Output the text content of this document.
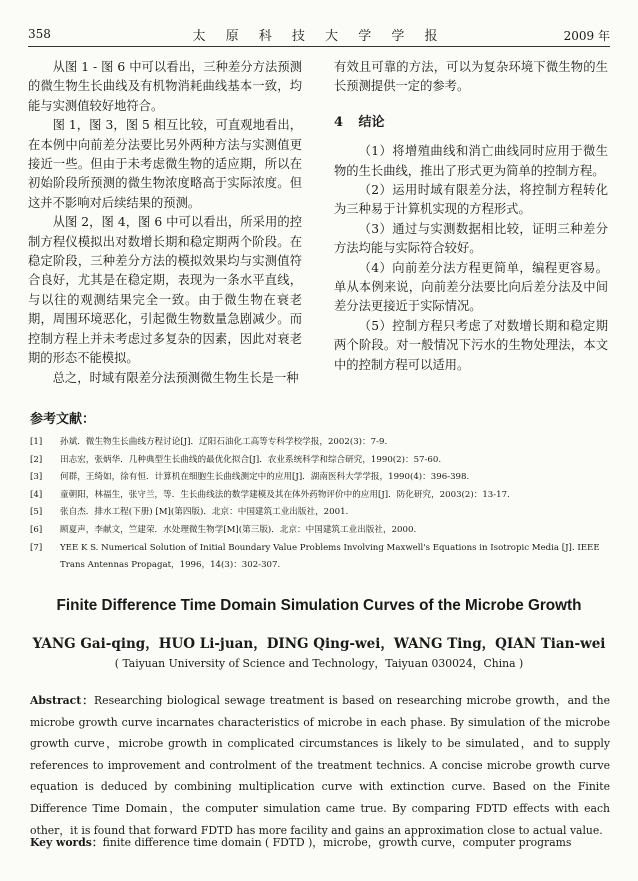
358	太 原 科 技 大 学 学 报	2009 年

从图 1 - 图 6 中可以看出，三种差分方法预测的微生物生长曲线及有机物消耗曲线基本一致，均能与实测值较好地符合。

图 1，图 3，图 5 相互比较，可直观地看出，在本例中向前差分法要比另外两种方法与实测值更接近一些。但由于未考虑微生物的适应期，所以在初始阶段所预测的微生物浓度略高于实际浓度。但这并不影响对后续结果的预测。

从图 2，图 4，图 6 中可以看出，所采用的控制方程仪模拟出对数增长期和稳定期两个阶段。在稳定阶段，三种差分方法的模拟效果均与实测值符合良好，尤其是在稳定期，表现为一条水平直线，与以往的观测结果完全一致。由于微生物在衰老期，周围环境恶化，引起微生物数量急剧减少。而控制方程上并未考虑过多复杂的因素，因此对衰老期的形态不能模拟。

总之，时域有限差分法预测微生物生长是一种

有效且可靠的方法，可以为复杂环境下微生物的生长预测提供一定的参考。

4 结论

（1）将增殖曲线和消亡曲线同时应用于微生物的生长曲线，推出了形式更为简单的控制方程。

（2）运用时域有限差分法，将控制方程转化为三种易于计算机实现的方程形式。

（3）通过与实测数据相比较，证明三种差分方法均能与实际符合较好。

（4）向前差分法方程更简单，编程更容易。单从本例来说，向前差分法要比向后差分法及中间差分法更接近于实际情况。

（5）控制方程只考虑了对数增长期和稳定期两个阶段。对一般情况下污水的生物处理法，本文中的控制方程可以适用。

参考文献：
[1] 孙斌．微生物生长曲线方程讨论[J]．辽阳石油化工高等专科学校学报，2002(3)：7-9.
[2] 田志宏，张炳华．几种典型生长曲线的最优化拟合[J]．农业系统科学和综合研究，1990(2)：57-60.
[3] 何群，王绮如，徐有恒．计算机在细胞生长曲线测定中的应用[J]．湖南医科大学学报，1990(4)：396-398.
[4] 童朝阳，林福生，张守兰，等．生长曲线法的数学建模及其在体外药物评价中的应用[J]．防化研究，2003(2)：13-17.
[5] 张自杰．排水工程(下册) [M](第四版)．北京：中国建筑工业出版社，2001.
[6] 顾夏声，李献文，竺建荣．水处理微生物学[M](第三版)．北京：中国建筑工业出版社，2000.
[7] YEE K S. Numerical Solution of Initial Boundary Value Problems Involving Maxwell's Equations in Isotropic Media [J]. IEEE Trans Antennas Propagat，1996，14(3)：302-307.
Finite Difference Time Domain Simulation Curves of the Microbe Growth
YANG Gai-qing，HUO Li-juan，DING Qing-wei，WANG Ting，QIAN Tian-wei
( Taiyuan University of Science and Technology，Taiyuan 030024，China )
Abstract：Researching biological sewage treatment is based on researching microbe growth，and the microbe growth curve incarnates characteristics of microbe in each phase. By simulation of the microbe growth curve，microbe growth in complicated circumstances is likely to be simulated，and to supply references to improvement and controlment of the treatment technics. A concise microbe growth curve equation is deduced by combining multiplication curve with extinction curve. Based on the Finite Difference Time Domain，the computer simulation came true. By comparing FDTD effects with each other，it is found that forward FDTD has more facility and gains an approximation close to actual value.
Key words：finite difference time domain ( FDTD )，microbe，growth curve，computer programs
